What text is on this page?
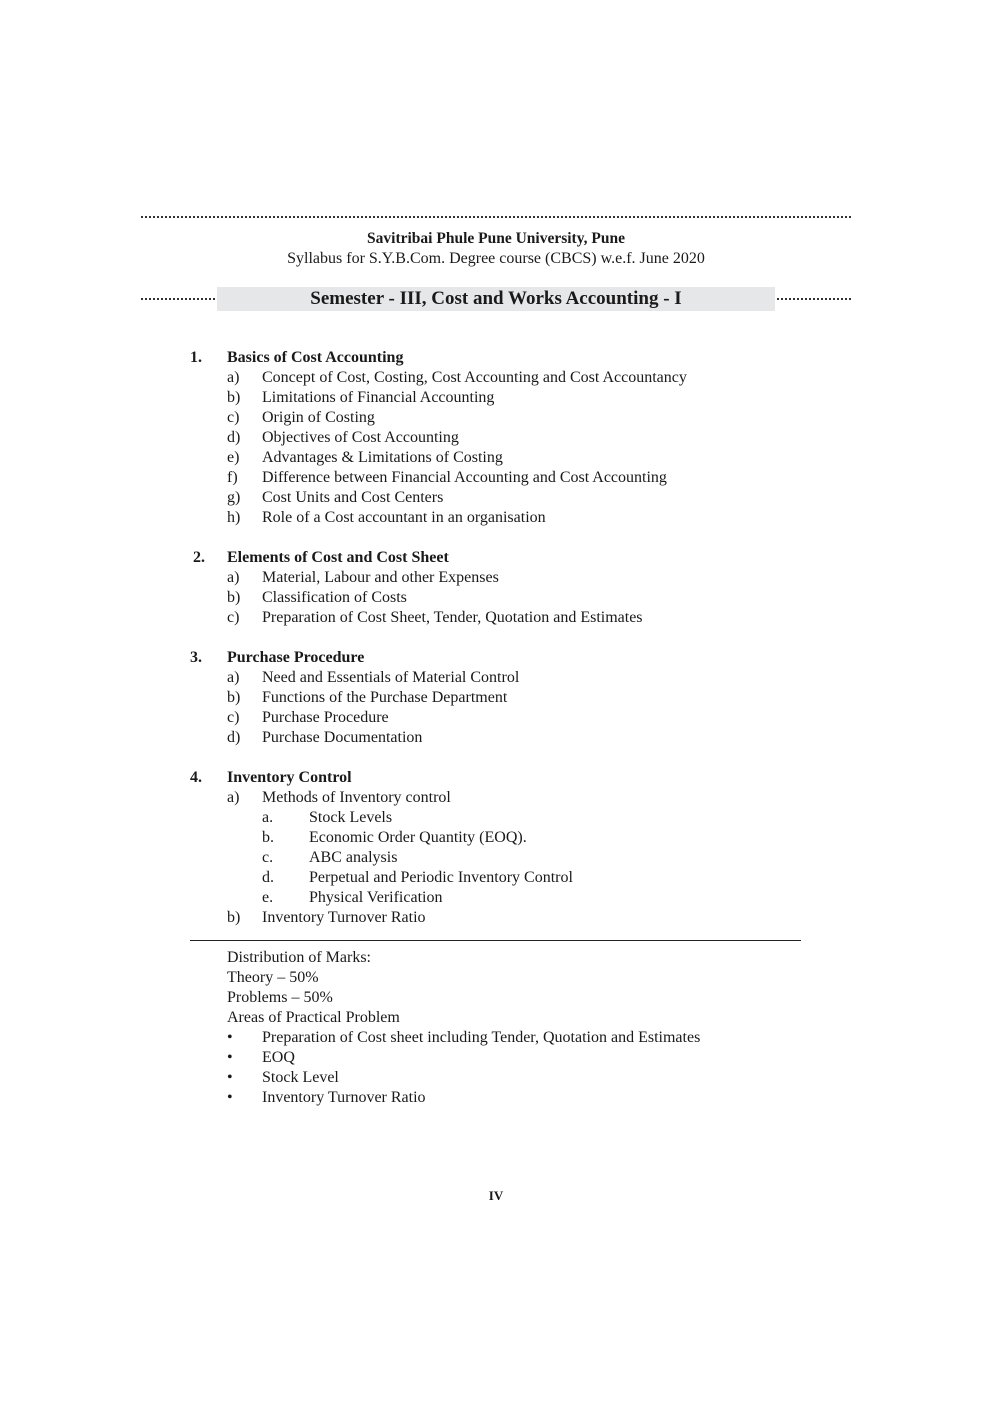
Savitribai Phule Pune University, Pune
Syllabus for S.Y.B.Com. Degree course (CBCS) w.e.f. June 2020
Semester - III, Cost and Works Accounting - I
1. Basics of Cost Accounting
a) Concept of Cost, Costing, Cost Accounting and Cost Accountancy
b) Limitations of Financial Accounting
c) Origin of Costing
d) Objectives of Cost Accounting
e) Advantages & Limitations of Costing
f) Difference between Financial Accounting and Cost Accounting
g) Cost Units and Cost Centers
h) Role of a Cost accountant in an organisation
2. Elements of Cost and Cost Sheet
a) Material, Labour and other Expenses
b) Classification of Costs
c) Preparation of Cost Sheet, Tender, Quotation and Estimates
3. Purchase Procedure
a) Need and Essentials of Material Control
b) Functions of the Purchase Department
c) Purchase Procedure
d) Purchase Documentation
4. Inventory Control
a) Methods of Inventory control
a. Stock Levels
b. Economic Order Quantity (EOQ).
c. ABC analysis
d. Perpetual and Periodic Inventory Control
e. Physical Verification
b) Inventory Turnover Ratio
Distribution of Marks:
Theory – 50%
Problems – 50%
Areas of Practical Problem
• Preparation of Cost sheet including Tender, Quotation and Estimates
• EOQ
• Stock Level
• Inventory Turnover Ratio
IV
